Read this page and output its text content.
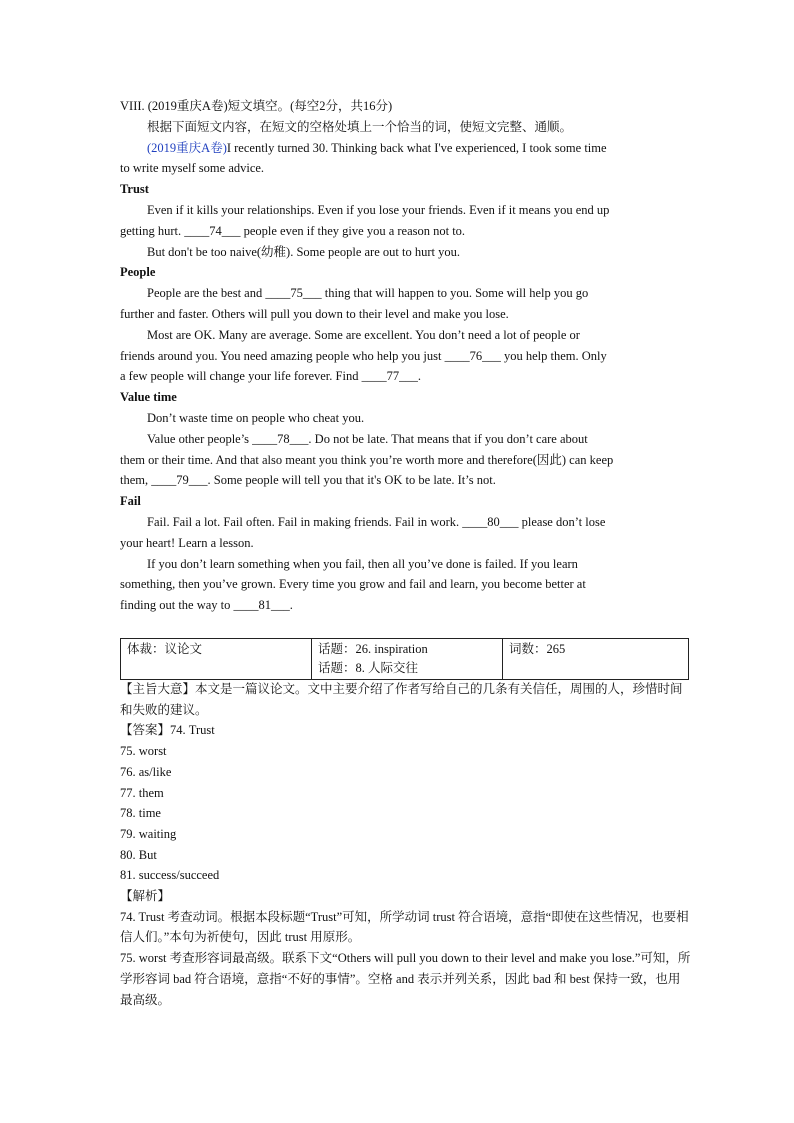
VIII. (2019重庆A卷)短文填空。(每空2分，共16分)
根据下面短文内容，在短文的空格处填上一个恰当的词，使短文完整、通顺。
(2019重庆A卷)I recently turned 30. Thinking back what I've experienced, I took some time
to write myself some advice.
Trust
Even if it kills your relationships. Even if you lose your friends. Even if it means you end up
getting hurt. ____74___ people even if they give you a reason not to.
But don't be too naive(幼稚). Some people are out to hurt you.
People
People are the best and ____75___ thing that will happen to you. Some will help you go
further and faster. Others will pull you down to their level and make you lose.
Most are OK. Many are average. Some are excellent. You don’t need a lot of people or
friends around you. You need amazing people who help you just ____76___ you help them. Only
a few people will change your life forever. Find ____77___.
Value time
Don’t waste time on people who cheat you.
Value other people’s ____78___. Do not be late. That means that if you don’t care about
them or their time. And that also meant you think you’re worth more and therefore(因此) can keep
them, ____79___. Some people will tell you that it's OK to be late. It’s not.
Fail
Fail. Fail a lot. Fail often. Fail in making friends. Fail in work. ____80___ please don’t lose
your heart! Learn a lesson.
If you don’t learn something when you fail, then all you’ve done is failed. If you learn
something, then you’ve grown. Every time you grow and fail and learn, you become better at
finding out the way to ____81___.
体裁：议论文	话题：26. inspiration
话题：8. 人际交往
	词数：265
【主旨大意】本文是一篇议论文。文中主要介绍了作者写给自己的几条有关信任，周围的人，珍惜时间和失败的建议。
【答案】74. Trust
75. worst
76. as/like
77. them
78. time
79. waiting
80. But
81. success/succeed
【解析】
74. Trust 考查动词。根据本段标题“Trust”可知，所学动词 trust 符合语境，意指“即使在这些情况，也要相信人们。”本句为祈使句，因此 trust 用原形。
75. worst 考查形容词最高级。联系下文“Others will pull you down to their level and make you lose.”可知，所学形容词 bad 符合语境，意指“不好的事情”。空格 and 表示并列关系，因此 bad 和 best 保持一致，也用最高级。
